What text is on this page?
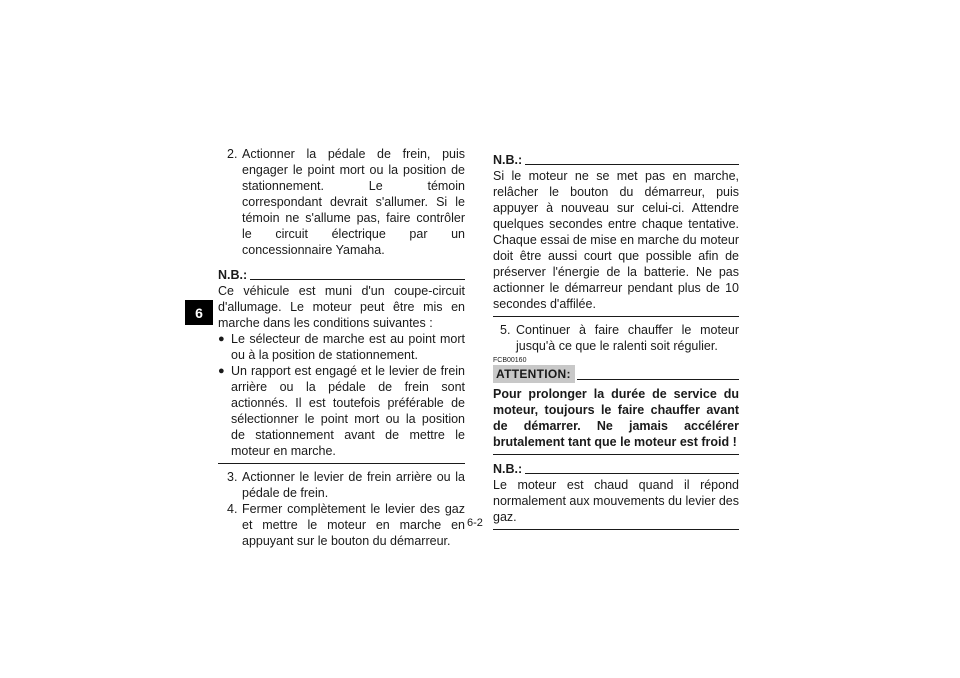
6
2. Actionner la pédale de frein, puis engager le point mort ou la position de stationnement. Le témoin correspondant devrait s'allumer. Si le témoin ne s'allume pas, faire contrôler le circuit électrique par un concessionnaire Yamaha.
N.B.:
Ce véhicule est muni d'un coupe-circuit d'allumage. Le moteur peut être mis en marche dans les conditions suivantes :
● Le sélecteur de marche est au point mort ou à la position de stationnement.
● Un rapport est engagé et le levier de frein arrière ou la pédale de frein sont actionnés. Il est toutefois préférable de sélectionner le point mort ou la position de stationnement avant de mettre le moteur en marche.
3. Actionner le levier de frein arrière ou la pédale de frein.
4. Fermer complètement le levier des gaz et mettre le moteur en marche en appuyant sur le bouton du démarreur.
N.B.:
Si le moteur ne se met pas en marche, relâcher le bouton du démarreur, puis appuyer à nouveau sur celui-ci. Attendre quelques secondes entre chaque tentative. Chaque essai de mise en marche du moteur doit être aussi court que possible afin de préserver l'énergie de la batterie. Ne pas actionner le démarreur pendant plus de 10 secondes d'affilée.
5. Continuer à faire chauffer le moteur jusqu'à ce que le ralenti soit régulier.
FCB00160
ATTENTION:
Pour prolonger la durée de service du moteur, toujours le faire chauffer avant de démarrer. Ne jamais accélérer brutalement tant que le moteur est froid !
N.B.:
Le moteur est chaud quand il répond normalement aux mouvements du levier des gaz.
6-2
